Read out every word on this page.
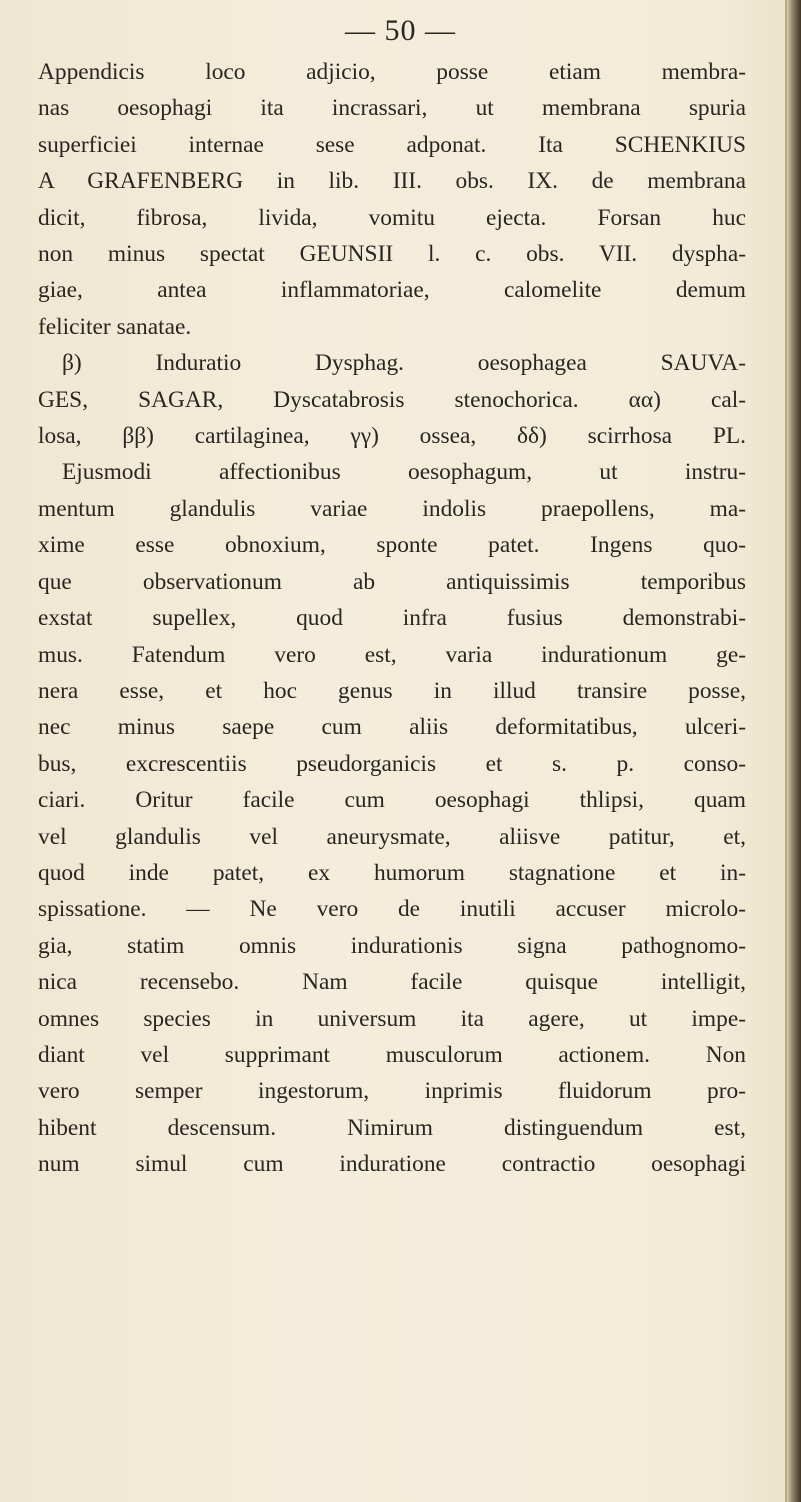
— 50 —
Appendicis loco adjicio, posse etiam membra-
nas oesophagi ita incrassari, ut membrana spuria
superficiei internae sese adponat. Ita SCHENKIUS
A GRAFENBERG in lib. III. obs. IX. de membrana
dicit, fibrosa, livida, vomitu ejecta. Forsan huc
non minus spectat GEUNSII l. c. obs. VII. dyspha-
giae, antea inflammatoriae, calomelite demum
feliciter sanatae.
β) Induratio Dysphag. oesophagea SAUVA-
GES, SAGAR, Dyscatabrosis stenochorica. αα) cal-
losa, ββ) cartilaginea, γγ) ossea, δδ) scirrhosa PL.
Ejusmodi affectionibus oesophagum, ut instru-
mentum glandulis variae indolis praepollens, ma-
xime esse obnoxium, sponte patet. Ingens quo-
que observationum ab antiquissimis temporibus
exstat supellex, quod infra fusius demonstrabi-
mus. Fatendum vero est, varia indurationum ge-
nera esse, et hoc genus in illud transire posse,
nec minus saepe cum aliis deformitatibus, ulceri-
bus, excrescentiis pseudorganicis et s. p. conso-
ciari. Oritur facile cum oesophagi thlipsi, quam
vel glandulis vel aneurysmate, aliisve patitur, et,
quod inde patet, ex humorum stagnatione et in-
spissatione. — Ne vero de inutili accuser microlo-
gia, statim omnis indurationis signa pathognomo-
nica recensebo. Nam facile quisque intelligit,
omnes species in universum ita agere, ut impe-
diant vel supprimant musculorum actionem. Non
vero semper ingestorum, inprimis fluidorum pro-
hibent descensum. Nimirum distinguendum est,
num simul cum induratione contractio oesophagi
